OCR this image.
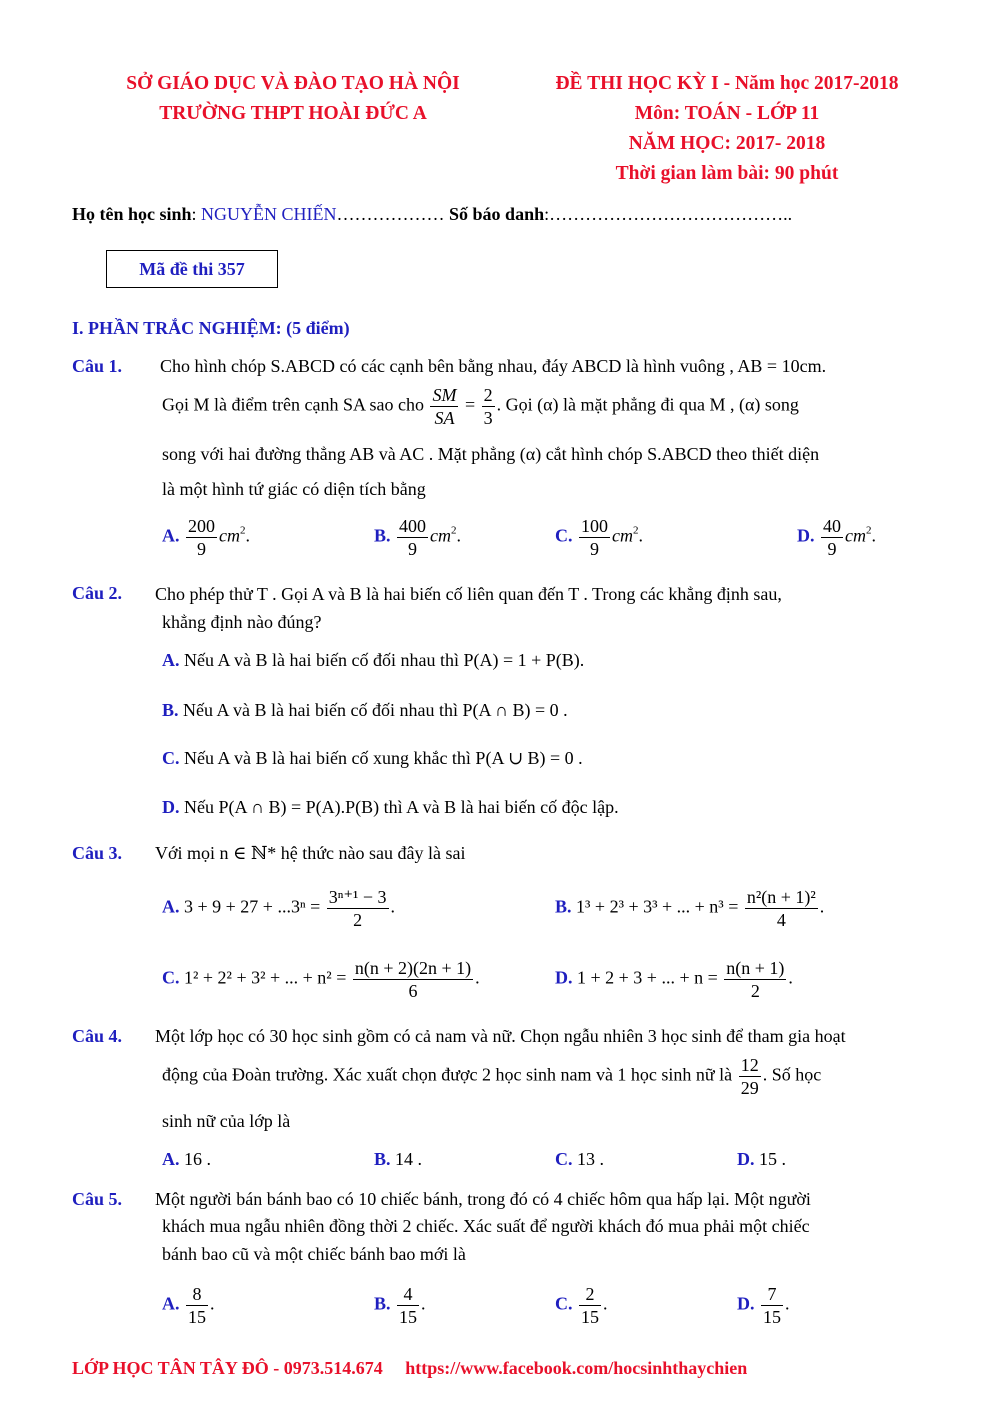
SỞ GIÁO DỤC VÀ ĐÀO TẠO HÀ NỘI
TRƯỜNG THPT HOÀI ĐỨC A
ĐỀ THI HỌC KỲ I - Năm học 2017-2018
Môn: TOÁN - LỚP 11
NĂM HỌC: 2017- 2018
Thời gian làm bài: 90 phút
Họ tên học sinh: NGUYỄN CHIẾN……………… Số báo danh:…………………………………..
Mã đề thi 357
I. PHẦN TRẮC NGHIỆM: (5 điểm)
Câu 1. Cho hình chóp S.ABCD có các cạnh bên bằng nhau, đáy ABCD là hình vuông , AB = 10cm.
Gọi M là điểm trên cạnh SA sao cho $\frac{SM}{SA} = \frac{2}{3}$ . Gọi (α) là mặt phẳng đi qua M , (α) song
song với hai đường thẳng AB và AC . Mặt phẳng (α) cắt hình chóp S.ABCD theo thiết diện
là một hình tứ giác có diện tích bằng
A. $\frac{200}{9} cm^2$.	B. $\frac{400}{9} cm^2$.	C. $\frac{100}{9} cm^2$.	D. $\frac{40}{9} cm^2$.
Câu 2. Cho phép thử T . Gọi A và B là hai biến cố liên quan đến T . Trong các khẳng định sau,
khẳng định nào đúng?
A. Nếu A và B là hai biến cố đối nhau thì P(A) = 1 + P(B).
B. Nếu A và B là hai biến cố đối nhau thì P(A ∩ B) = 0 .
C. Nếu A và B là hai biến cố xung khắc thì P(A ∪ B) = 0 .
D. Nếu P(A ∩ B) = P(A).P(B) thì A và B là hai biến cố độc lập.
Câu 3. Với mọi n ∈ ℕ* hệ thức nào sau đây là sai
A. $3 + 9 + 27 + ...3^n = \frac{\text{3ⁿ⁺¹ − 3}}{2}$ .	B. 1³ + 2³ + 3³ + ... + $n^3 = \frac{\text{n²(n + 1)²}}{4}$ .
C. 1² + 2² + 3² + ... + $n^2 = \frac{n(n + 2)(2n + 1)}{6}$ .	D. 1 + 2 + 3 + ... + $n = \frac{n(n + 1)}{2}$ .
Câu 4. Một lớp học có 30 học sinh gồm có cả nam và nữ. Chọn ngẫu nhiên 3 học sinh để tham gia hoạt
động của Đoàn trường. Xác xuất chọn được 2 học sinh nam và 1 học sinh nữ là $\frac{12}{29}$ . Số học
sinh nữ của lớp là
A. 16 .	B. 14 .	C. 13 .	D. 15 .
Câu 5. Một người bán bánh bao có 10 chiếc bánh, trong đó có 4 chiếc hôm qua hấp lại. Một người
khách mua ngẫu nhiên đồng thời 2 chiếc. Xác suất để người khách đó mua phải một chiếc
bánh bao cũ và một chiếc bánh bao mới là
A. $\frac{8}{15}$ .	B. $\frac{4}{15}$ .	C. $\frac{2}{15}$ .	D. $\frac{7}{15}$ .
LỚP HỌC TÂN TÂY ĐÔ - 0973.514.674 https://www.facebook.com/hocsinhthaychien
